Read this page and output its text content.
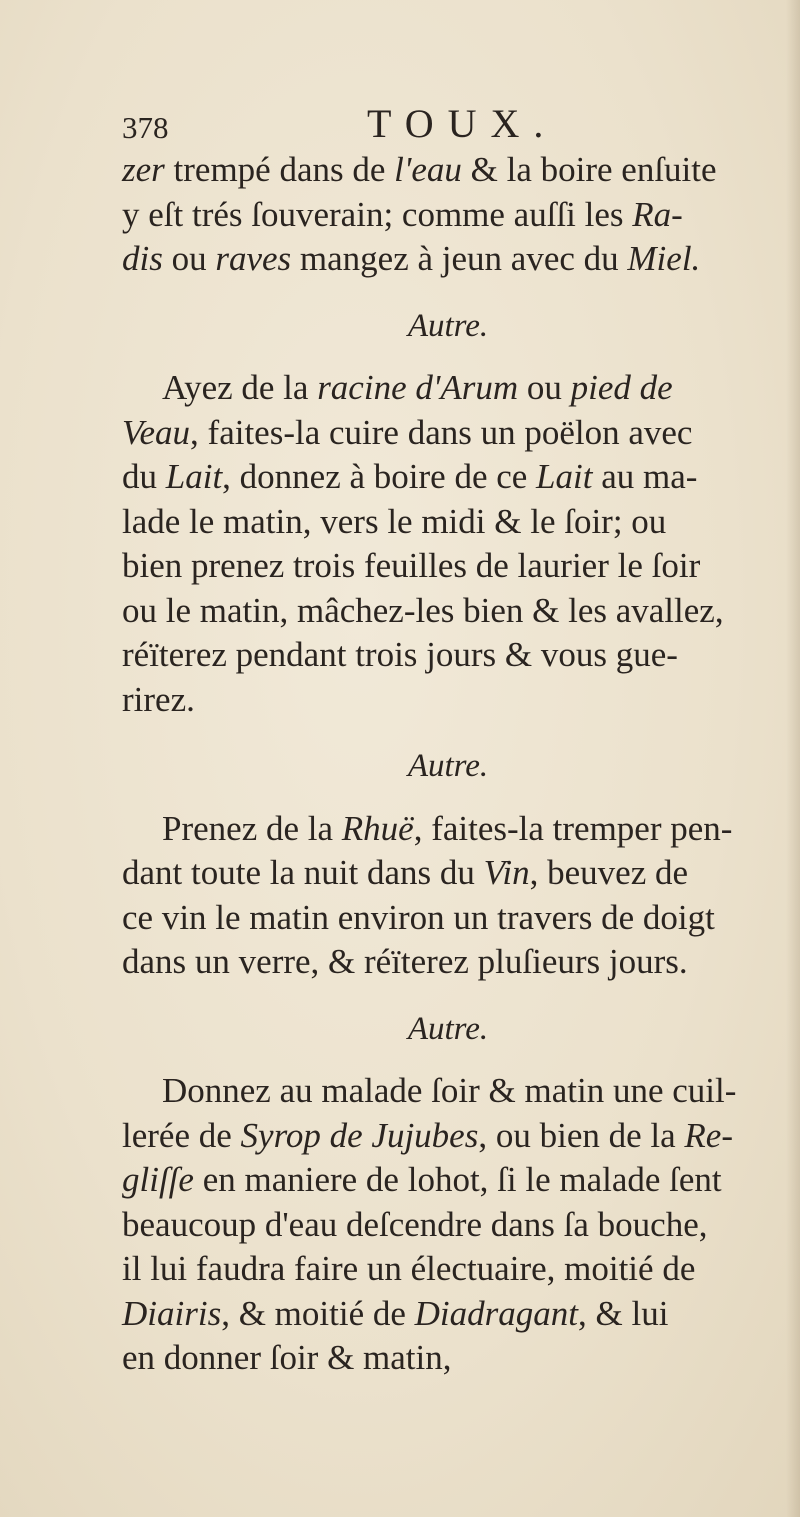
378	TOUX.
zer trempé dans de l'eau & la boire enſuite
y eſt trés ſouverain; comme auſſi les Ra-
dis ou raves mangez à jeun avec du Miel.
Autre.
Ayez de la racine d'Arum ou pied de
Veau, faites-la cuire dans un poëlon avec
du Lait, donnez à boire de ce Lait au ma-
lade le matin, vers le midi & le ſoir; ou
bien prenez trois feuilles de laurier le ſoir
ou le matin, mâchez-les bien & les avallez,
réïterez pendant trois jours & vous gue-
rirez.
Autre.
Prenez de la Rhuë, faites-la tremper pen-
dant toute la nuit dans du Vin, beuvez de
ce vin le matin environ un travers de doigt
dans un verre, & réïterez pluſieurs jours.
Autre.
Donnez au malade ſoir & matin une cuil-
lerée de Syrop de Jujubes, ou bien de la Re-
gliſſe en maniere de lohot, ſi le malade ſent
beaucoup d'eau deſcendre dans ſa bouche,
il lui faudra faire un électuaire, moitié de
Diairis, & moitié de Diadragant, & lui
en donner ſoir & matin,
